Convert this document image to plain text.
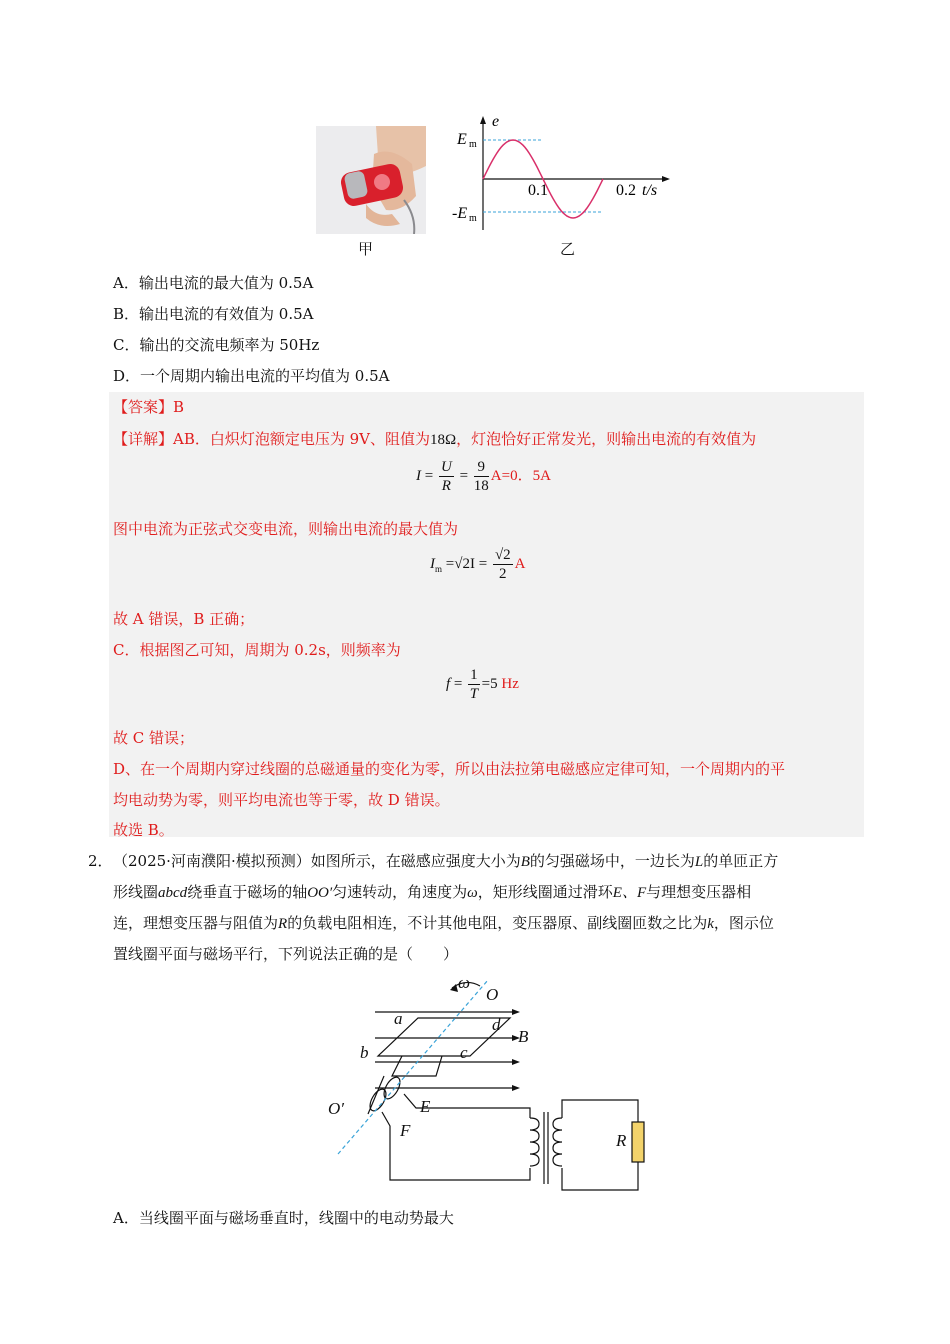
甲
e
E m
-E m
0.1	0.2 t/s
乙
A．输出电流的最大值为 0.5A
B．输出电流的有效值为 0.5A
C．输出的交流电频率为 50Hz
D．一个周期内输出电流的平均值为 0.5A
【答案】B
【详解】AB．白炽灯泡额定电压为 9V、阻值为18Ω，灯泡恰好正常发光，则输出电流的有效值为
$I = \frac{U}{R} = \frac{9}{18} A=0$．5A
图中电流为正弦式交变电流，则输出电流的最大值为
$I_m =√2I = \frac{√2}{2}$ A
故 A 错误，B 正确；
C．根据图乙可知，周期为 0.2s，则频率为
$f = \frac{1}{T} =5$ Hz
故 C 错误；
D、在一个周期内穿过线圈的总磁通量的变化为零，所以由法拉第电磁感应定律可知，一个周期内的平
均电动势为零，则平均电流也等于零，故 D 错误。
故选 B。
2． （2025·河南濮阳·模拟预测）如图所示，在磁感应强度大小为B的匀强磁场中，一边长为L的单匝正方
形线圈abcd绕垂直于磁场的轴OO′匀速转动，角速度为ω，矩形线圈通过滑环E、F与理想变压器相
连，理想变压器与阻值为R的负载电阻相连，不计其他电阻，变压器原、副线圈匝数之比为k，图示位
置线圈平面与磁场平行，下列说法正确的是（　　）
ω
O
a	d
B
b	c
O′	E
F
R
A．当线圈平面与磁场垂直时，线圈中的电动势最大
